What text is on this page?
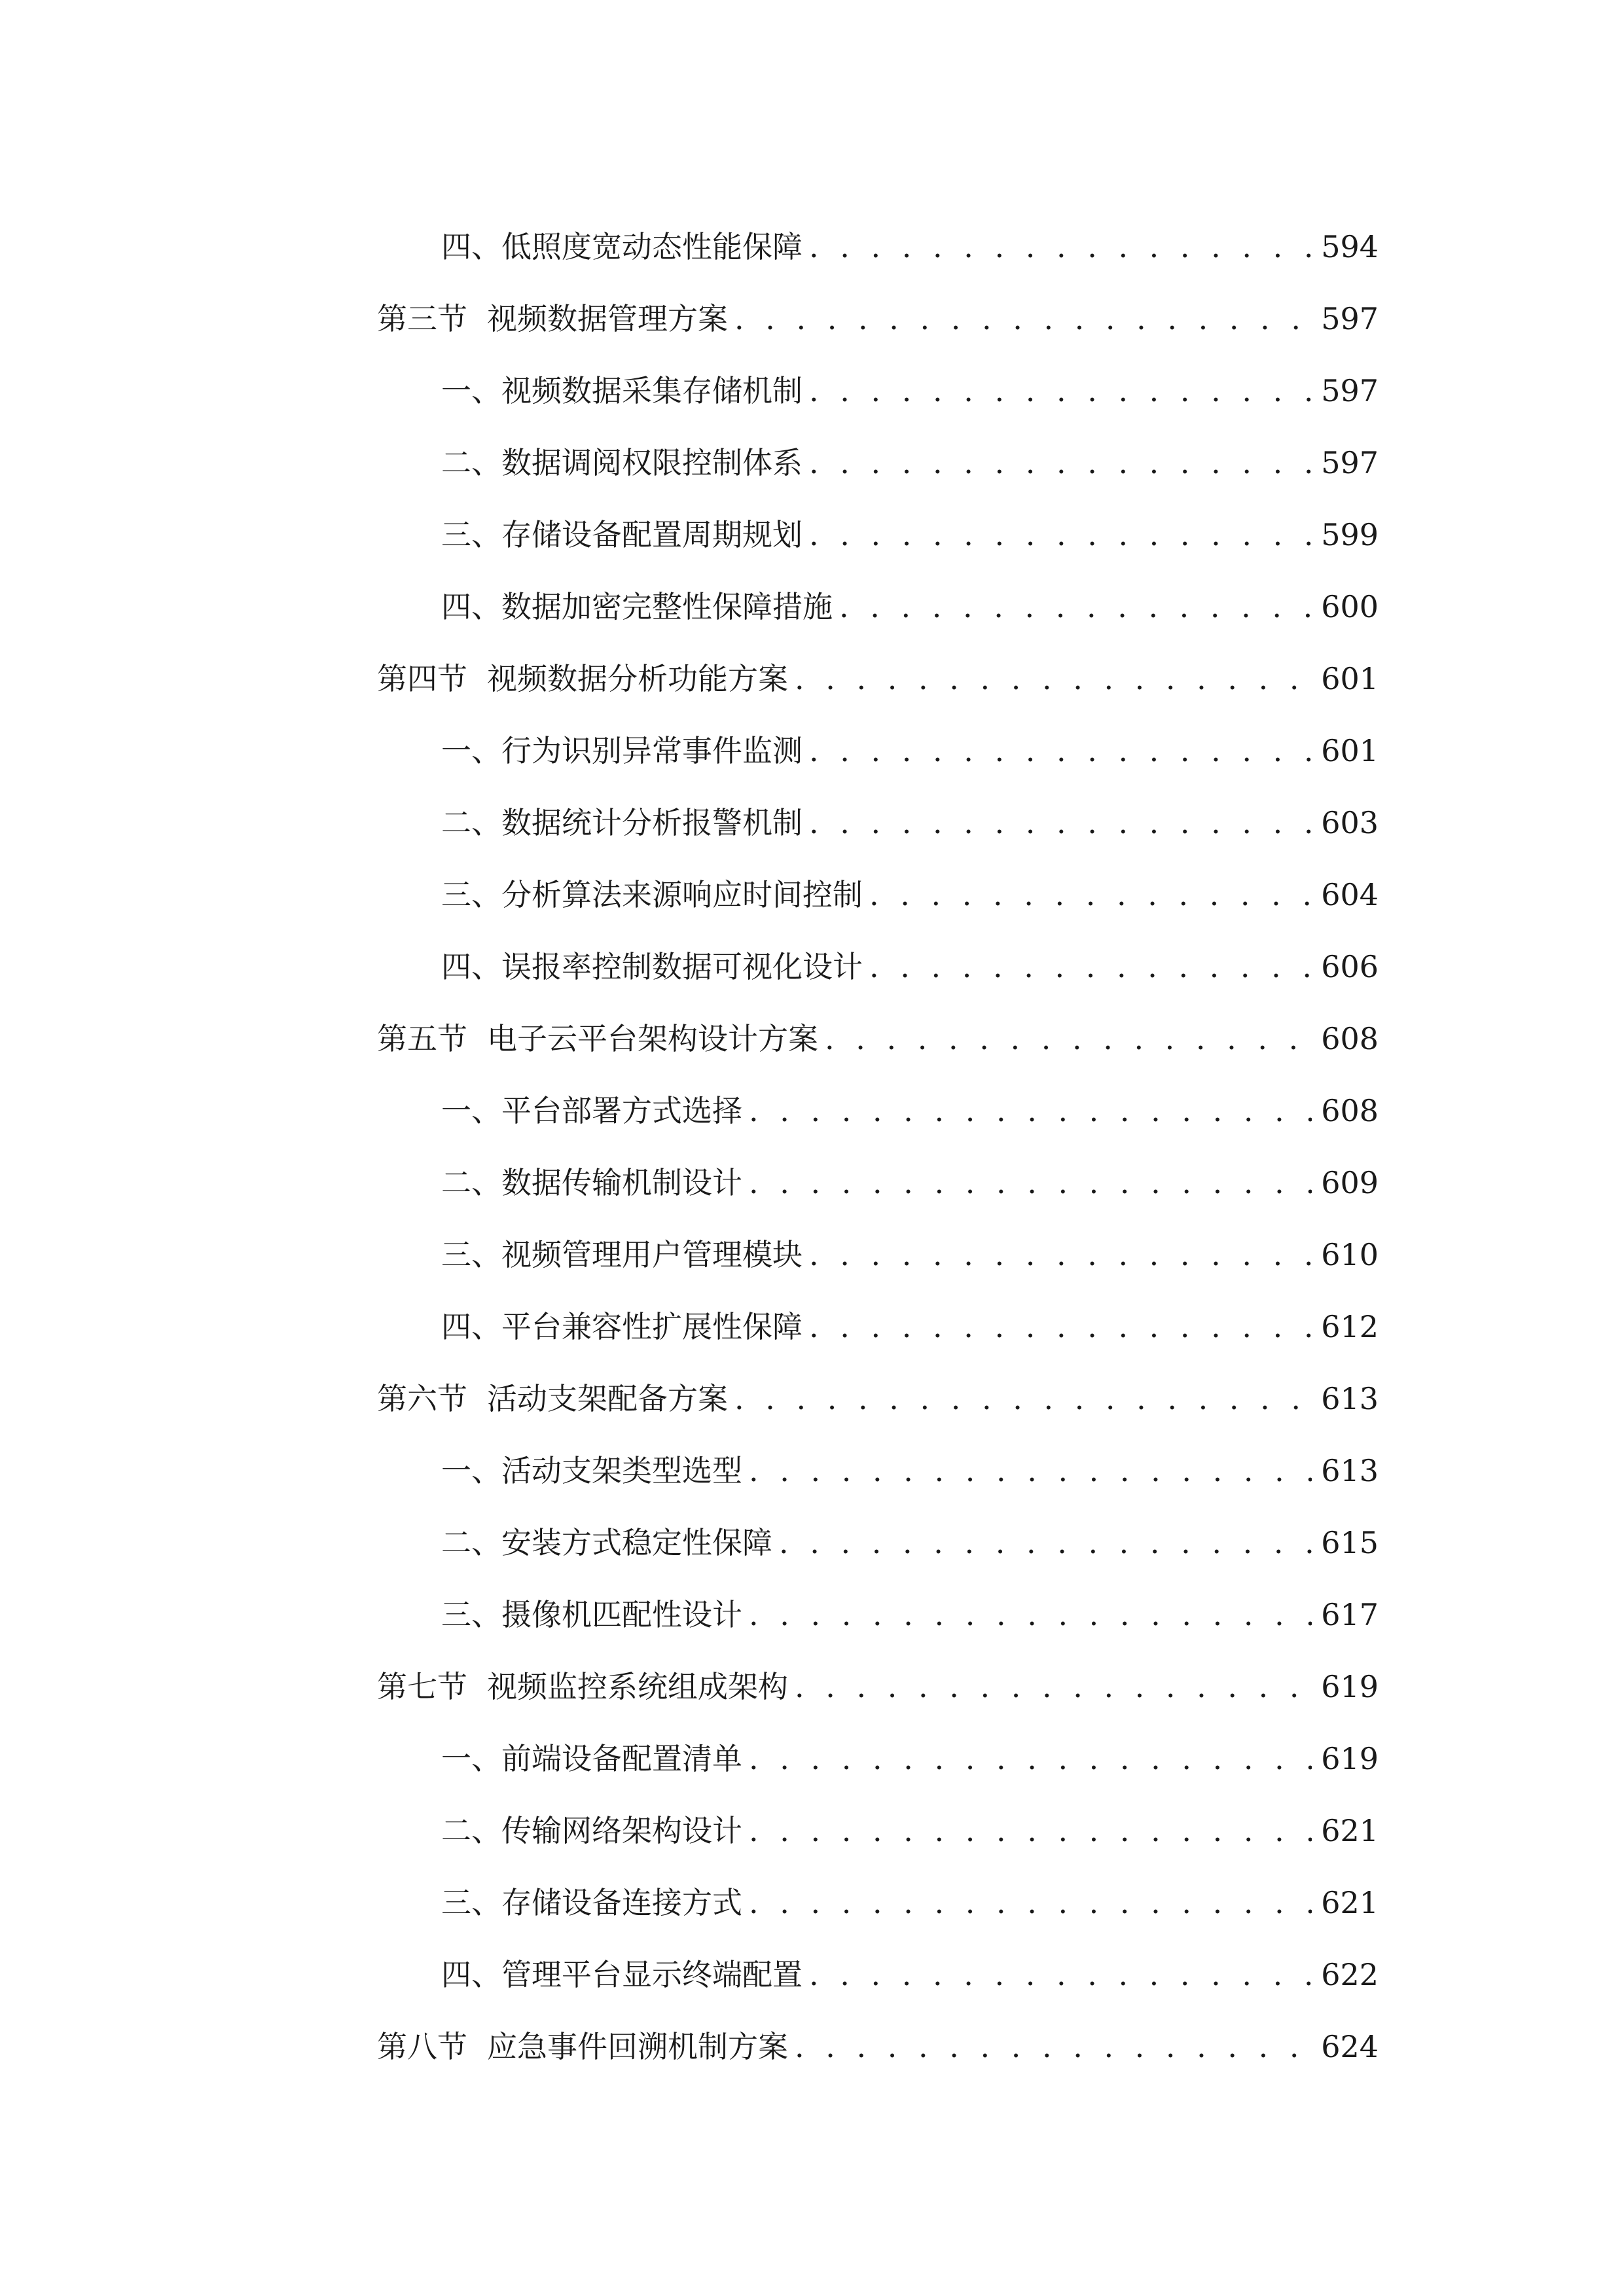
四、 低照度宽动态性能保障 . . .	594
第三节 视频数据管理方案 . . .	597
一、 视频数据采集存储机制 . . .	597
二、 数据调阅权限控制体系 . . .	597
三、 存储设备配置周期规划 . . .	599
四、 数据加密完整性保障措施 . . .	600
第四节 视频数据分析功能方案 . . .	601
一、 行为识别异常事件监测 . . .	601
二、 数据统计分析报警机制 . . .	603
三、 分析算法来源响应时间控制 . . .	604
四、 误报率控制数据可视化设计 . . .	606
第五节 电子云平台架构设计方案 . . .	608
一、 平台部署方式选择 . . .	608
二、 数据传输机制设计 . . .	609
三、 视频管理用户管理模块 . . .	610
四、 平台兼容性扩展性保障 . . .	612
第六节 活动支架配备方案 . . .	613
一、 活动支架类型选型 . . .	613
二、 安装方式稳定性保障 . . .	615
三、 摄像机匹配性设计 . . .	617
第七节 视频监控系统组成架构 . . .	619
一、 前端设备配置清单 . . .	619
二、 传输网络架构设计 . . .	621
三、 存储设备连接方式 . . .	621
四、 管理平台显示终端配置 . . .	622
第八节 应急事件回溯机制方案 . . .	624
